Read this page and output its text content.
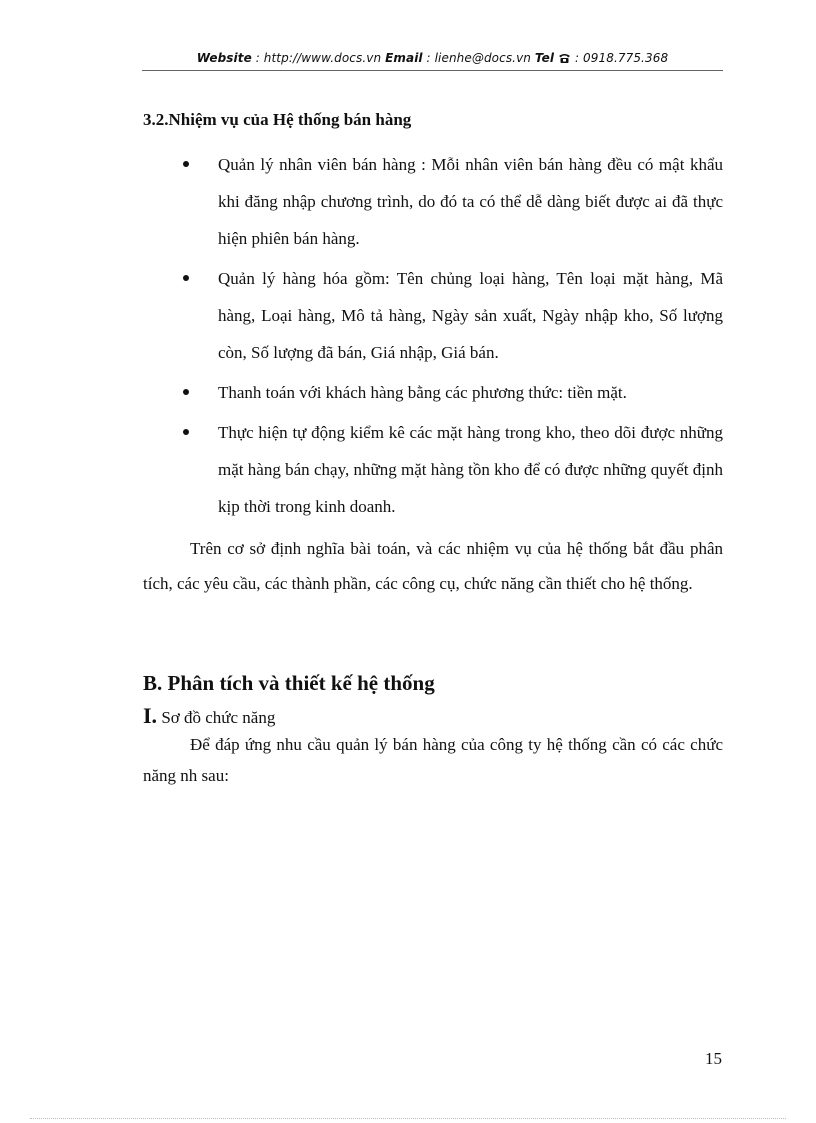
Website : http://www.docs.vn Email : lienhe@docs.vn Tel  : 0918.775.368
3.2.Nhiệm vụ của Hệ thống bán hàng
Quản lý nhân viên bán hàng : Mỗi nhân viên bán hàng đều có mật khẩu khi đăng nhập chương trình, do đó ta có thể dễ dàng biết được ai đã thực hiện phiên bán hàng.
Quản lý hàng hóa gồm: Tên chủng loại hàng, Tên loại mặt hàng, Mã hàng, Loại hàng, Mô tả hàng, Ngày sản xuất, Ngày nhập kho, Số lượng còn, Số lượng đã bán, Giá nhập, Giá bán.
Thanh toán với khách hàng bằng các phương thức: tiền mặt.
Thực hiện tự động kiểm kê các mặt hàng trong kho, theo dõi được những mặt hàng bán chạy, những mặt hàng tồn kho để có được những quyết định kịp thời trong kinh doanh.

Trên cơ sở định nghĩa bài toán, và các nhiệm vụ của hệ thống bắt đầu phân tích, các yêu cầu, các thành phần, các công cụ, chức năng cần thiết cho hệ thống.

B. Phân tích và thiết kế hệ thống
I. Sơ đồ chức năng

Để đáp ứng nhu cầu quản lý bán hàng của công ty hệ thống cần có các chức năng nh sau:

15
